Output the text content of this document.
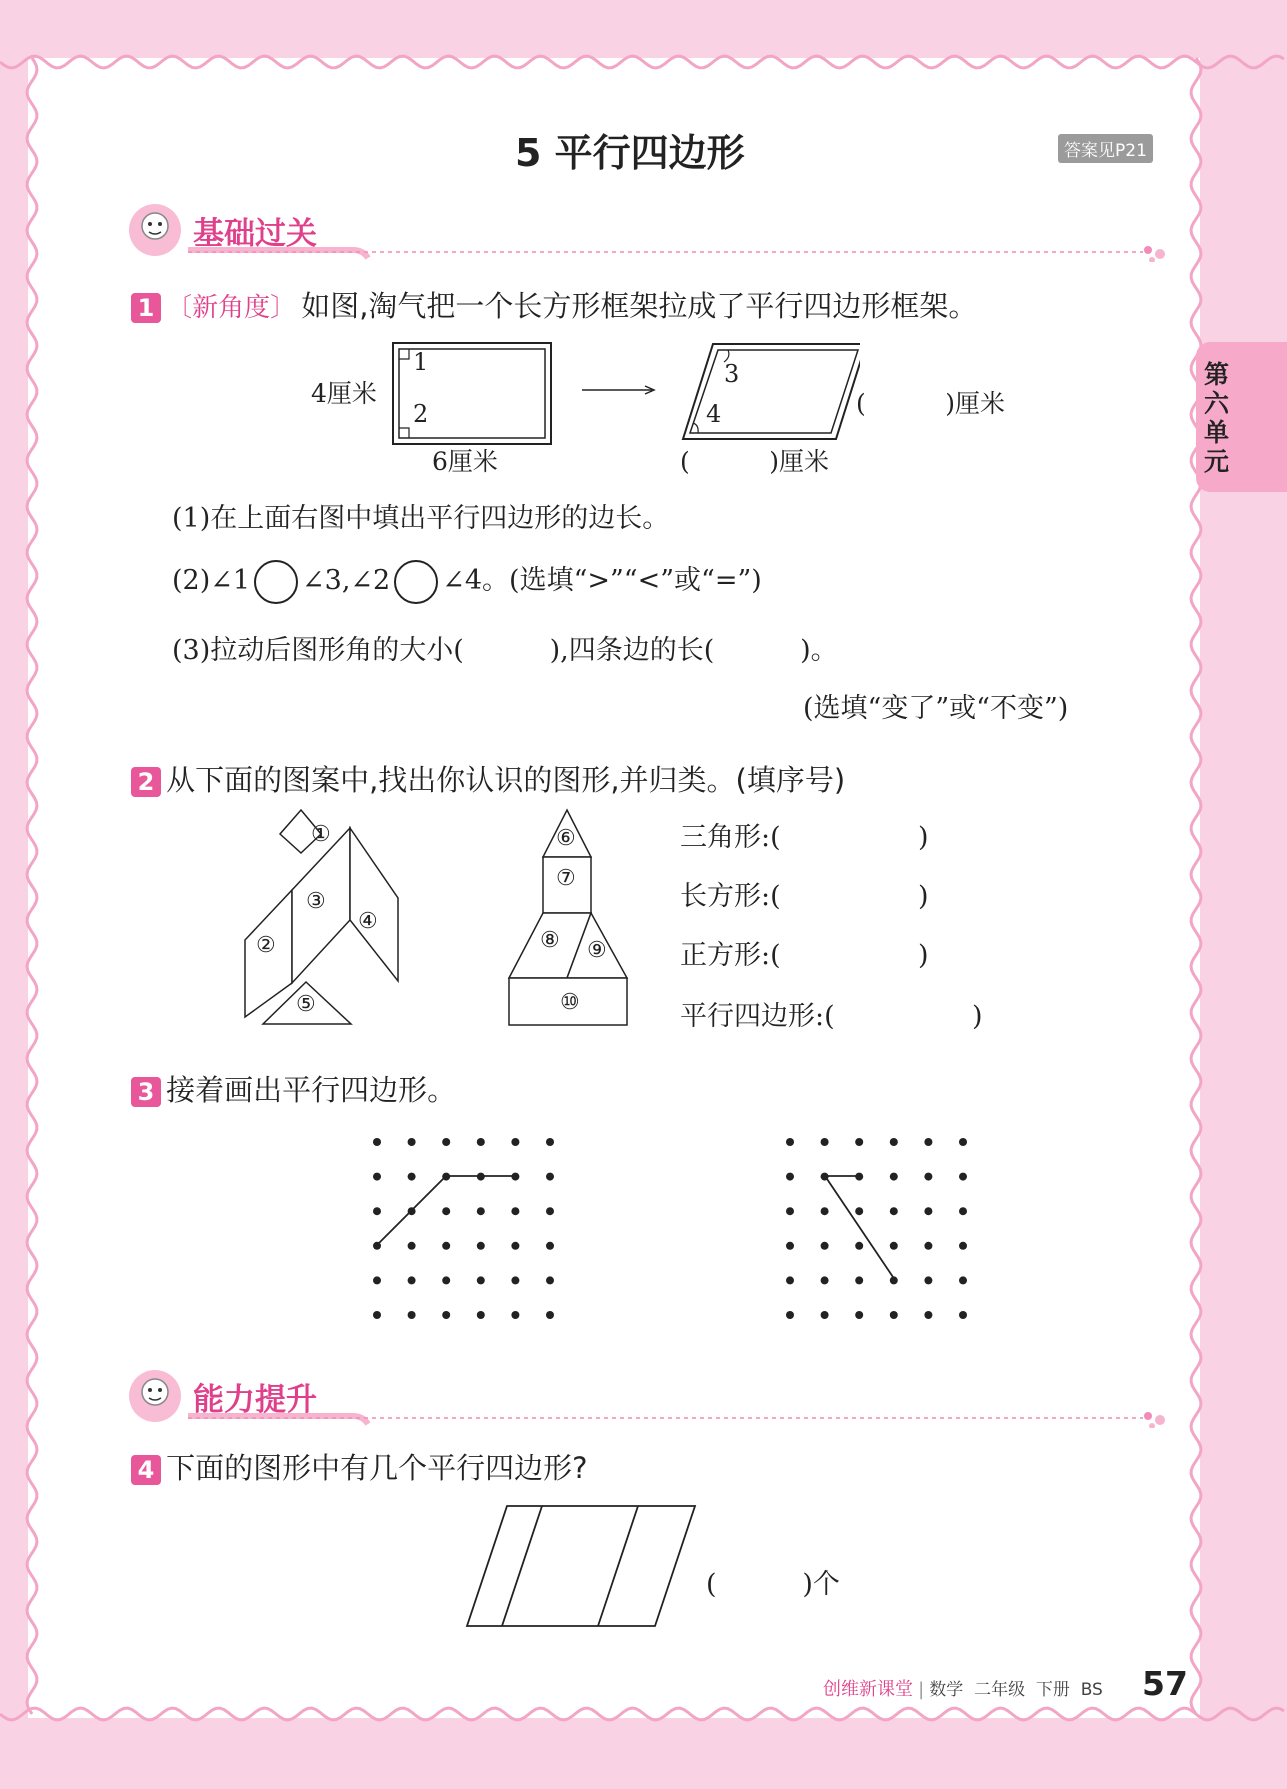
5 平行四边形	答案见P21
第六单元
基础过关
1 〔新角度〕 如图,淘气把一个长方形框架拉成了平行四边形框架。
4厘米
6厘米
1
2
3
4	(          )厘米
(          )厘米
(1)在上面右图中填出平行四边形的边长。
(2)∠1 ∠3,∠2 ∠4。(选填“>”“<”或“=”)
(3)拉动后图形角的大小(          ),四条边的长(          )。
(选填“变了”或“不变”)
2 从下面的图案中,找出你认识的图形,并归类。(填序号)
①
②
③
④
⑤
⑥
⑦
⑧ ⑨
⑩
三角形:(                )
长方形:(                )
正方形:(                )
平行四边形:(                )
3 接着画出平行四边形。
能力提升
4 下面的图形中有几个平行四边形?
(          )个
创维新课堂 | 数学  二年级  下册  BS 57
